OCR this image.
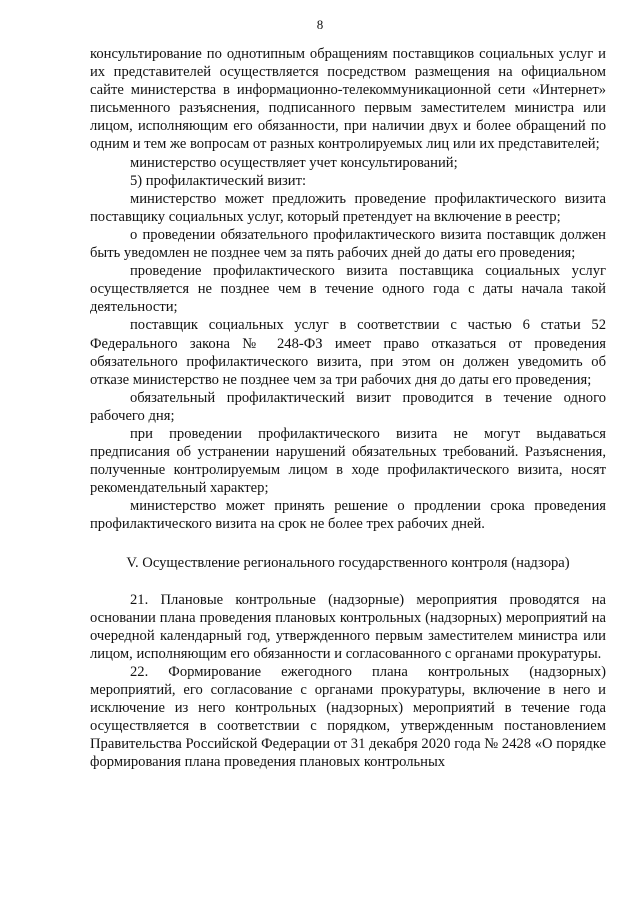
8

консультирование по однотипным обращениям поставщиков социальных услуг и их представителей осуществляется посредством размещения на официальном сайте министерства в информационно-телекоммуникационной сети «Интернет» письменного разъяснения, подписанного первым заместителем министра или лицом, исполняющим его обязанности, при наличии двух и более обращений по одним и тем же вопросам от разных контролируемых лиц или их представителей;

министерство осуществляет учет консультирований;

5) профилактический визит:

министерство может предложить проведение профилактического визита поставщику социальных услуг, который претендует на включение в реестр;

о проведении обязательного профилактического визита поставщик должен быть уведомлен не позднее чем за пять рабочих дней до даты его проведения;

проведение профилактического визита поставщика социальных услуг осуществляется не позднее чем в течение одного года с даты начала такой деятельности;

поставщик социальных услуг в соответствии с частью 6 статьи 52 Федерального закона № 248-ФЗ имеет право отказаться от проведения обязательного профилактического визита, при этом он должен уведомить об отказе министерство не позднее чем за три рабочих дня до даты его проведения;

обязательный профилактический визит проводится в течение одного рабочего дня;

при проведении профилактического визита не могут выдаваться предписания об устранении нарушений обязательных требований. Разъяснения, полученные контролируемым лицом в ходе профилактического визита, носят рекомендательный характер;

министерство может принять решение о продлении срока проведения профилактического визита на срок не более трех рабочих дней.

V. Осуществление регионального государственного контроля (надзора)

21. Плановые контрольные (надзорные) мероприятия проводятся на основании плана проведения плановых контрольных (надзорных) мероприятий на очередной календарный год, утвержденного первым заместителем министра или лицом, исполняющим его обязанности и согласованного с органами прокуратуры.

22. Формирование ежегодного плана контрольных (надзорных) мероприятий, его согласование с органами прокуратуры, включение в него и исключение из него контрольных (надзорных) мероприятий в течение года осуществляется в соответствии с порядком, утвержденным постановлением Правительства Российской Федерации от 31 декабря 2020 года № 2428 «О порядке формирования плана проведения плановых контрольных
